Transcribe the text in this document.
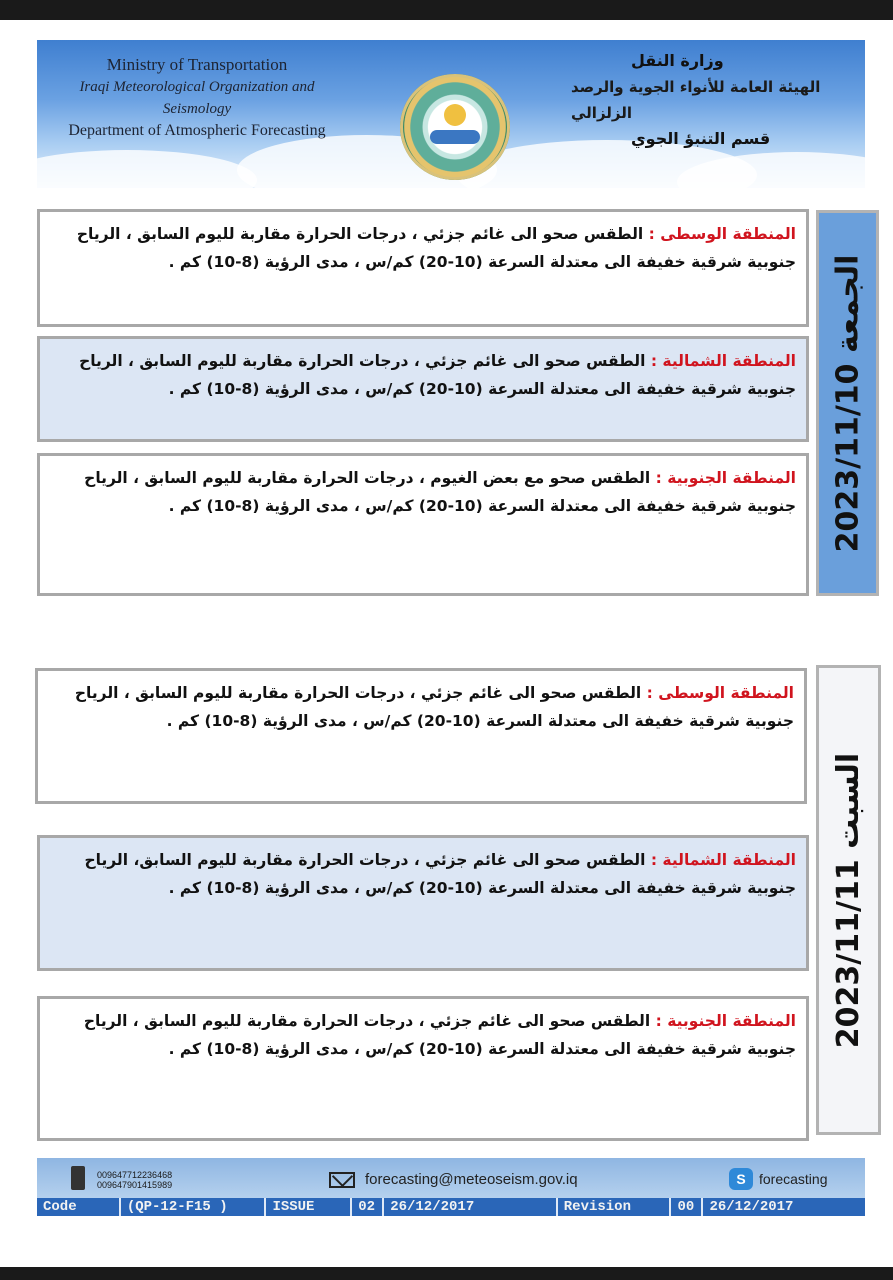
Ministry of Transportation
Iraqi Meteorological Organization and Seismology
Department of Atmospheric Forecasting
وزارة النقل
الهيئة العامة للأنواء الجوية والرصد الزلزالي
قسم التنبؤ الجوي
المنطقة الوسطى : الطقس صحو الى غائم جزئي ، درجات الحرارة مقاربة لليوم السابق ، الرياح جنوبية شرقية خفيفة الى معتدلة السرعة (10-20) كم/س ، مدى الرؤية (8-10) كم .
المنطقة الشمالية : الطقس صحو الى غائم جزئي ، درجات الحرارة مقاربة لليوم السابق ، الرياح جنوبية شرقية خفيفة الى معتدلة السرعة (10-20) كم/س ، مدى الرؤية (8-10) كم .
المنطقة الجنوبية : الطقس صحو مع بعض الغيوم ، درجات الحرارة مقاربة لليوم السابق ، الرياح جنوبية شرقية خفيفة الى معتدلة السرعة (10-20) كم/س ، مدى الرؤية (8-10) كم .	الجمعة 2023/11/10
المنطقة الوسطى : الطقس صحو الى غائم جزئي ، درجات الحرارة مقاربة لليوم السابق ، الرياح جنوبية شرقية خفيفة الى معتدلة السرعة (10-20) كم/س ، مدى الرؤية (8-10) كم .
المنطقة الشمالية : الطقس صحو الى غائم جزئي ، درجات الحرارة مقاربة لليوم السابق، الرياح جنوبية شرقية خفيفة الى معتدلة السرعة (10-20) كم/س ، مدى الرؤية (8-10) كم .
المنطقة الجنوبية : الطقس صحو الى غائم جزئي ، درجات الحرارة مقاربة لليوم السابق ، الرياح جنوبية شرقية خفيفة الى معتدلة السرعة (10-20) كم/س ، مدى الرؤية (8-10) كم .
السبت 2023/11/11
009647712236468
009647901415989	forecasting@meteoseism.gov.iq	S forecasting
Code	(QP-12-F15 )	ISSUE	02	26/12/2017	Revision	00	26/12/2017
